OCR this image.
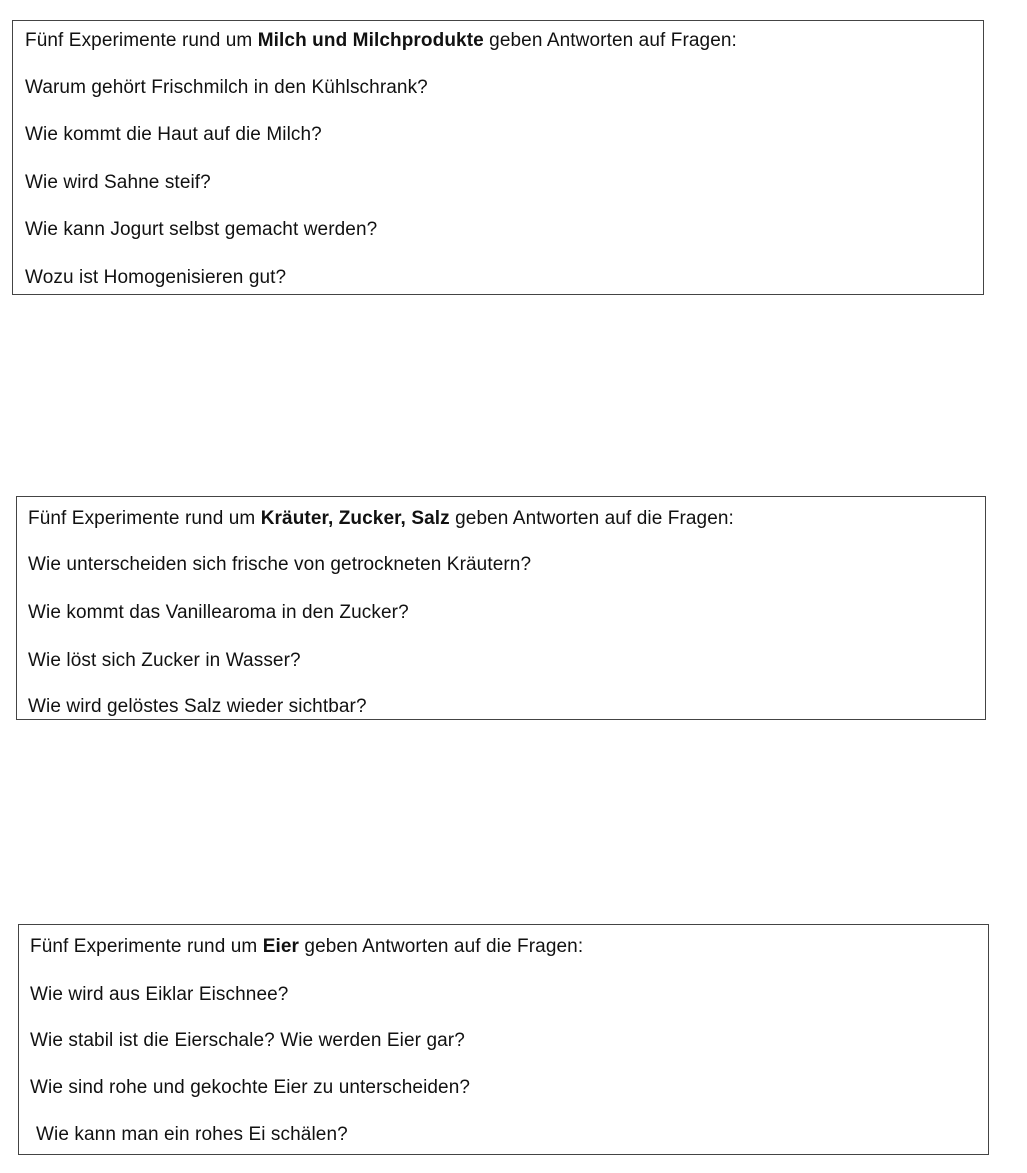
Fünf Experimente rund um Milch und Milchprodukte geben Antworten auf Fragen:

Warum gehört Frischmilch in den Kühlschrank?

Wie kommt die Haut auf die Milch?

Wie wird Sahne steif?

Wie kann Jogurt selbst gemacht werden?

Wozu ist Homogenisieren gut?

Fünf Experimente rund um Kräuter, Zucker, Salz geben Antworten auf die Fragen:

Wie unterscheiden sich frische von getrockneten Kräutern?

Wie kommt das Vanillearoma in den Zucker?

Wie löst sich Zucker in Wasser?

Wie wird gelöstes Salz wieder sichtbar?

Fünf Experimente rund um Eier geben Antworten auf die Fragen:

Wie wird aus Eiklar Eischnee?

Wie stabil ist die Eierschale? Wie werden Eier gar?

Wie sind rohe und gekochte Eier zu unterscheiden?

Wie kann man ein rohes Ei schälen?
